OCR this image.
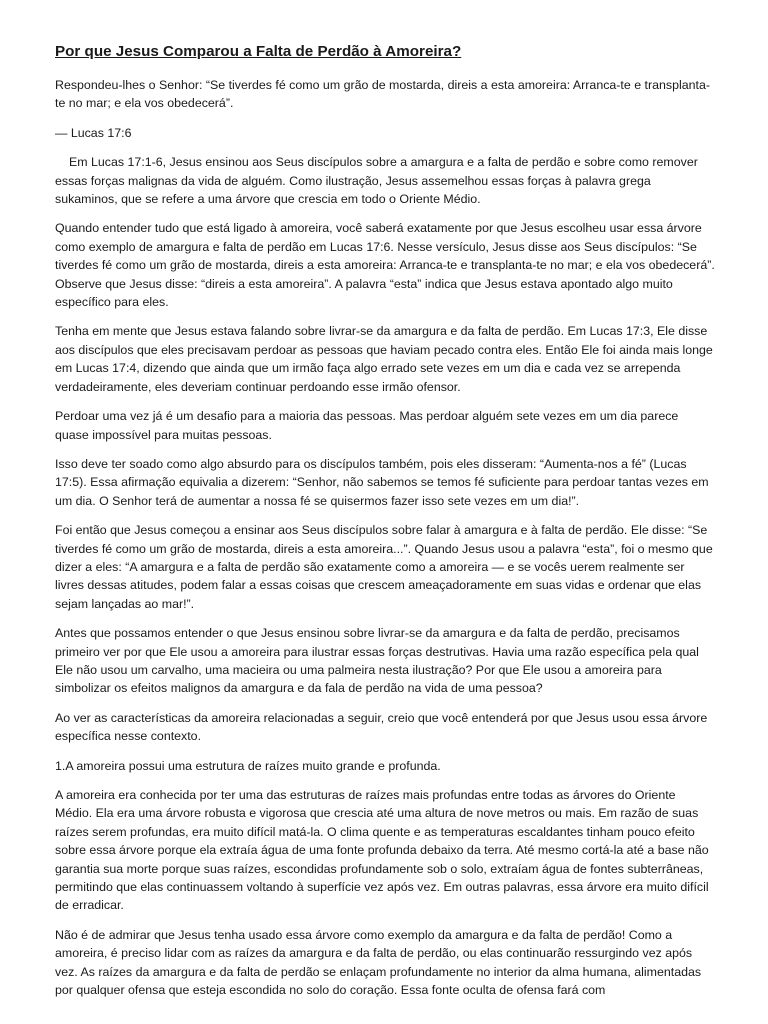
Por que Jesus Comparou a Falta de Perdão à Amoreira?
Respondeu-lhes o Senhor: “Se tiverdes fé como um grão de mostarda, direis a esta amoreira: Arranca-te e transplanta-te no mar; e ela vos obedecerá”.
— Lucas 17:6
Em Lucas 17:1-6, Jesus ensinou aos Seus discípulos sobre a amargura e a falta de perdão e sobre como remover essas forças malignas da vida de alguém. Como ilustração, Jesus assemelhou essas forças à palavra grega sukaminos, que se refere a uma árvore que crescia em todo o Oriente Médio.
Quando entender tudo que está ligado à amoreira, você saberá exatamente por que Jesus escolheu usar essa árvore como exemplo de amargura e falta de perdão em Lucas 17:6. Nesse versículo, Jesus disse aos Seus discípulos: “Se tiverdes fé como um grão de mostarda, direis a esta amoreira: Arranca-te e transplanta-te no mar; e ela vos obedecerá”. Observe que Jesus disse: “direis a esta amoreira”. A palavra “esta” indica que Jesus estava apontado algo muito específico para eles.
Tenha em mente que Jesus estava falando sobre livrar-se da amargura e da falta de perdão. Em Lucas 17:3, Ele disse aos discípulos que eles precisavam perdoar as pessoas que haviam pecado contra eles. Então Ele foi ainda mais longe em Lucas 17:4, dizendo que ainda que um irmão faça algo errado sete vezes em um dia e cada vez se arrependa verdadeiramente, eles deveriam continuar perdoando esse irmão ofensor.
Perdoar uma vez já é um desafio para a maioria das pessoas. Mas perdoar alguém sete vezes em um dia parece quase impossível para muitas pessoas.
Isso deve ter soado como algo absurdo para os discípulos também, pois eles disseram: “Aumenta-nos a fé” (Lucas 17:5). Essa afirmação equivalia a dizerem: “Senhor, não sabemos se temos fé suficiente para perdoar tantas vezes em um dia. O Senhor terá de aumentar a nossa fé se quisermos fazer isso sete vezes em um dia!”.
Foi então que Jesus começou a ensinar aos Seus discípulos sobre falar à amargura e à falta de perdão. Ele disse: “Se tiverdes fé como um grão de mostarda, direis a esta amoreira...”. Quando Jesus usou a palavra “esta”, foi o mesmo que dizer a eles: “A amargura e a falta de perdão são exatamente como a amoreira — e se vocês uerem realmente ser livres dessas atitudes, podem falar a essas coisas que crescem ameaçadoramente em suas vidas e ordenar que elas sejam lançadas ao mar!”.
Antes que possamos entender o que Jesus ensinou sobre livrar-se da amargura e da falta de perdão, precisamos primeiro ver por que Ele usou a amoreira para ilustrar essas forças destrutivas. Havia uma razão específica pela qual Ele não usou um carvalho, uma macieira ou uma palmeira nesta ilustração? Por que Ele usou a amoreira para simbolizar os efeitos malignos da amargura e da fala de perdão na vida de uma pessoa?
Ao ver as características da amoreira relacionadas a seguir, creio que você entenderá por que Jesus usou essa árvore específica nesse contexto.
1.A amoreira possui uma estrutura de raízes muito grande e profunda.
A amoreira era conhecida por ter uma das estruturas de raízes mais profundas entre todas as árvores do Oriente Médio. Ela era uma árvore robusta e vigorosa que crescia até uma altura de nove metros ou mais. Em razão de suas raízes serem profundas, era muito difícil matá-la. O clima quente e as temperaturas escaldantes tinham pouco efeito sobre essa árvore porque ela extraía água de uma fonte profunda debaixo da terra. Até mesmo cortá-la até a base não garantia sua morte porque suas raízes, escondidas profundamente sob o solo, extraíam água de fontes subterrâneas, permitindo que elas continuassem voltando à superfície vez após vez. Em outras palavras, essa árvore era muito difícil de erradicar.
Não é de admirar que Jesus tenha usado essa árvore como exemplo da amargura e da falta de perdão! Como a amoreira, é preciso lidar com as raízes da amargura e da falta de perdão, ou elas continuarão ressurgindo vez após vez. As raízes da amargura e da falta de perdão se enlaçam profundamente no interior da alma humana, alimentadas por qualquer ofensa que esteja escondida no solo do coração. Essa fonte oculta de ofensa fará com
